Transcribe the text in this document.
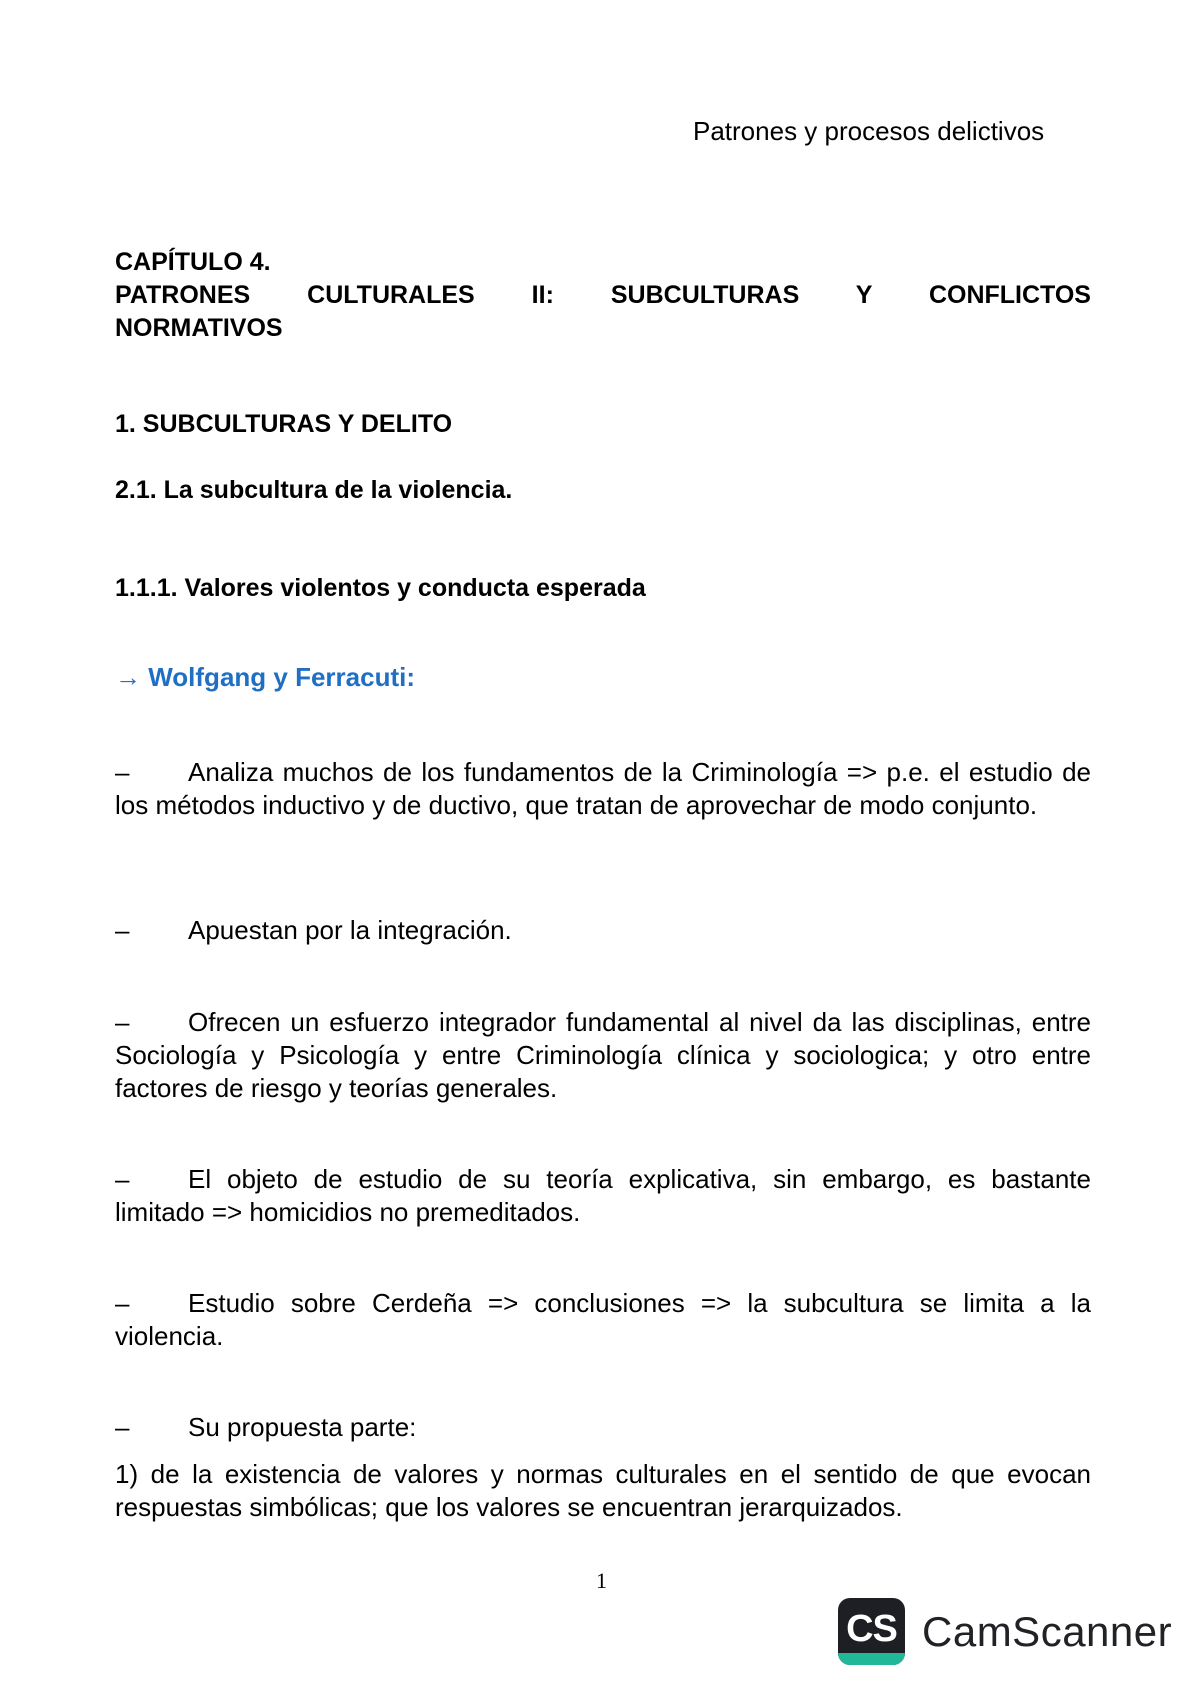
Patrones y procesos delictivos
CAPÍTULO 4.
PATRONES CULTURALES II: SUBCULTURAS Y CONFLICTOS
NORMATIVOS
1. SUBCULTURAS Y DELITO
2.1. La subcultura de la violencia.
1.1.1. Valores violentos y conducta esperada
→ Wolfgang y Ferracuti:
– Analiza muchos de los fundamentos de la Criminología => p.e. el estudio de los métodos inductivo y de ductivo, que tratan de aprovechar de modo conjunto.
– Apuestan por la integración.
– Ofrecen un esfuerzo integrador fundamental al nivel da las disciplinas, entre Sociología y Psicología y entre Criminología clínica y sociologica; y otro entre factores de riesgo y teorías generales.
– El objeto de estudio de su teoría explicativa, sin embargo, es bastante limitado => homicidios no premeditados.
– Estudio sobre Cerdeña => conclusiones => la subcultura se limita a la violencia.
– Su propuesta parte:
1) de la existencia de valores y normas culturales en el sentido de que evocan respuestas simbólicas; que los valores se encuentran jerarquizados.
1
CS CamScanner
